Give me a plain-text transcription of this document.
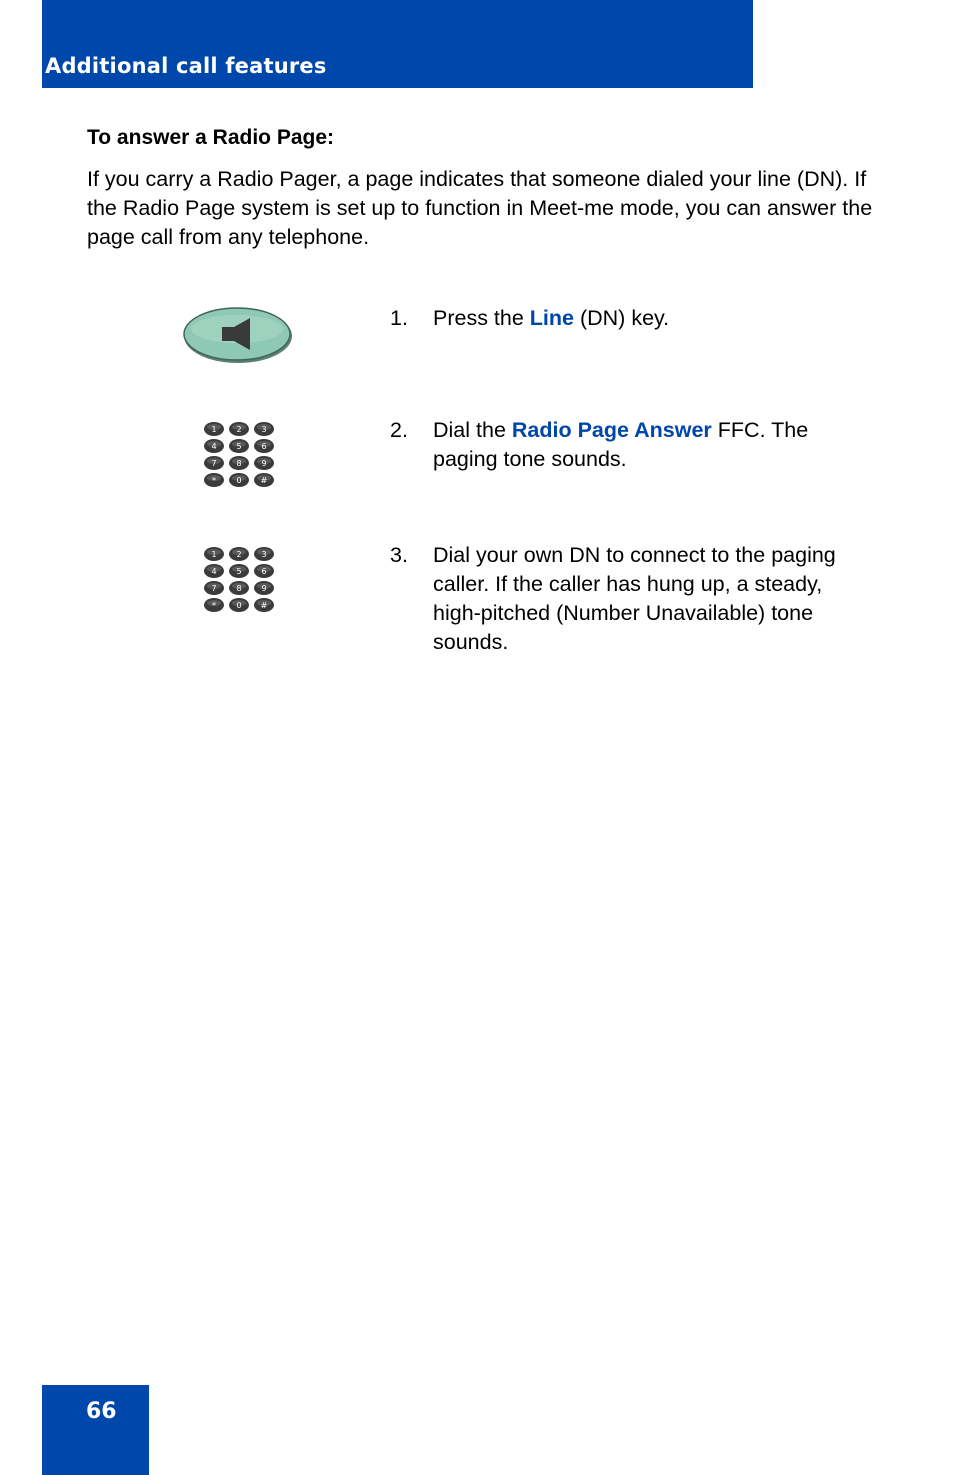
Additional call features
To answer a Radio Page:

If you carry a Radio Pager, a page indicates that someone dialed your line (DN). If the Radio Page system is set up to function in Meet-me mode, you can answer the page call from any telephone.

1. Press the Line (DN) key.
1 2 3
4 5 6
7 8 9
*	0 #
2. Dial the Radio Page Answer FFC. The paging tone sounds.
1 2 3
4 5 6
7 8 9
*	0 #
3. Dial your own DN to connect to the paging caller. If the caller has hung up, a steady, high-pitched (Number Unavailable) tone sounds.
66
